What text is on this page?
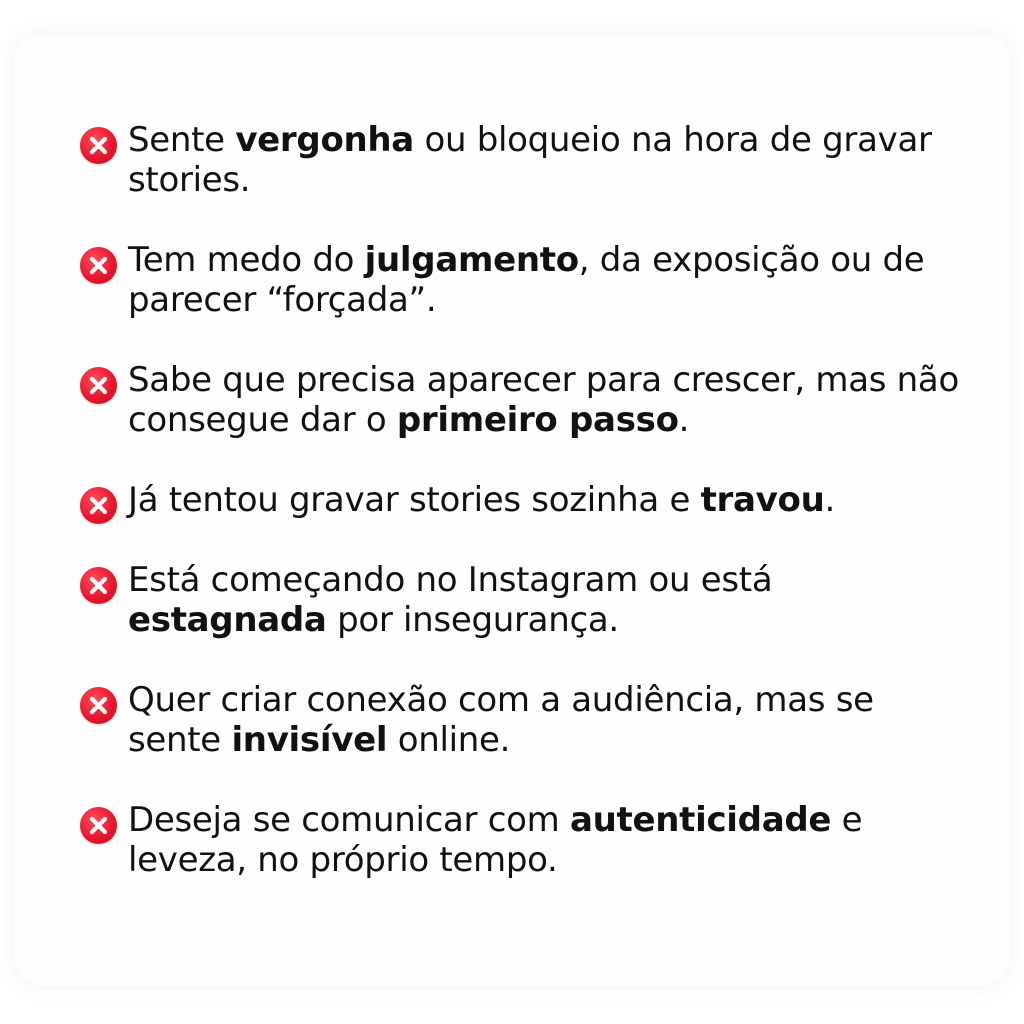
Sente vergonha ou bloqueio na hora de gravar stories.
Tem medo do julgamento, da exposição ou de parecer “forçada”.
Sabe que precisa aparecer para crescer, mas não consegue dar o primeiro passo.
Já tentou gravar stories sozinha e travou.
Está começando no Instagram ou está estagnada por insegurança.
Quer criar conexão com a audiência, mas se sente invisível online.
Deseja se comunicar com autenticidade e leveza, no próprio tempo.
